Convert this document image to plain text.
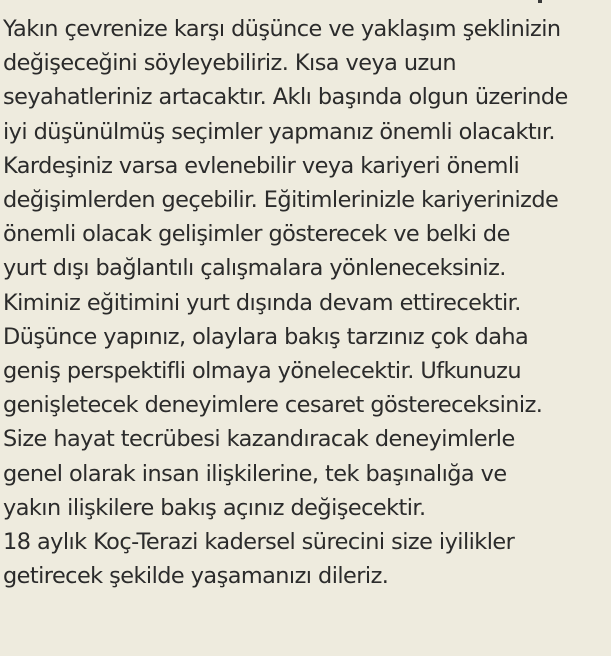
Yakın çevrenize karşı düşünce ve yaklaşım şeklinizin
değişeceğini söyleyebiliriz. Kısa veya uzun
seyahatleriniz artacaktır. Aklı başında olgun üzerinde
iyi düşünülmüş seçimler yapmanız önemli olacaktır.
Kardeşiniz varsa evlenebilir veya kariyeri önemli
değişimlerden geçebilir. Eğitimlerinizle kariyerinizde
önemli olacak gelişimler gösterecek ve belki de
yurt dışı bağlantılı çalışmalara yönleneceksiniz.
Kiminiz eğitimini yurt dışında devam ettirecektir.
Düşünce yapınız, olaylara bakış tarzınız çok daha
geniş perspektifli olmaya yönelecektir. Ufkunuzu
genişletecek deneyimlere cesaret göstereceksiniz.
Size hayat tecrübesi kazandıracak deneyimlerle
genel olarak insan ilişkilerine, tek başınalığa ve
yakın ilişkilere bakış açınız değişecektir.
18 aylık Koç-Terazi kadersel sürecini size iyilikler
getirecek şekilde yaşamanızı dileriz.
